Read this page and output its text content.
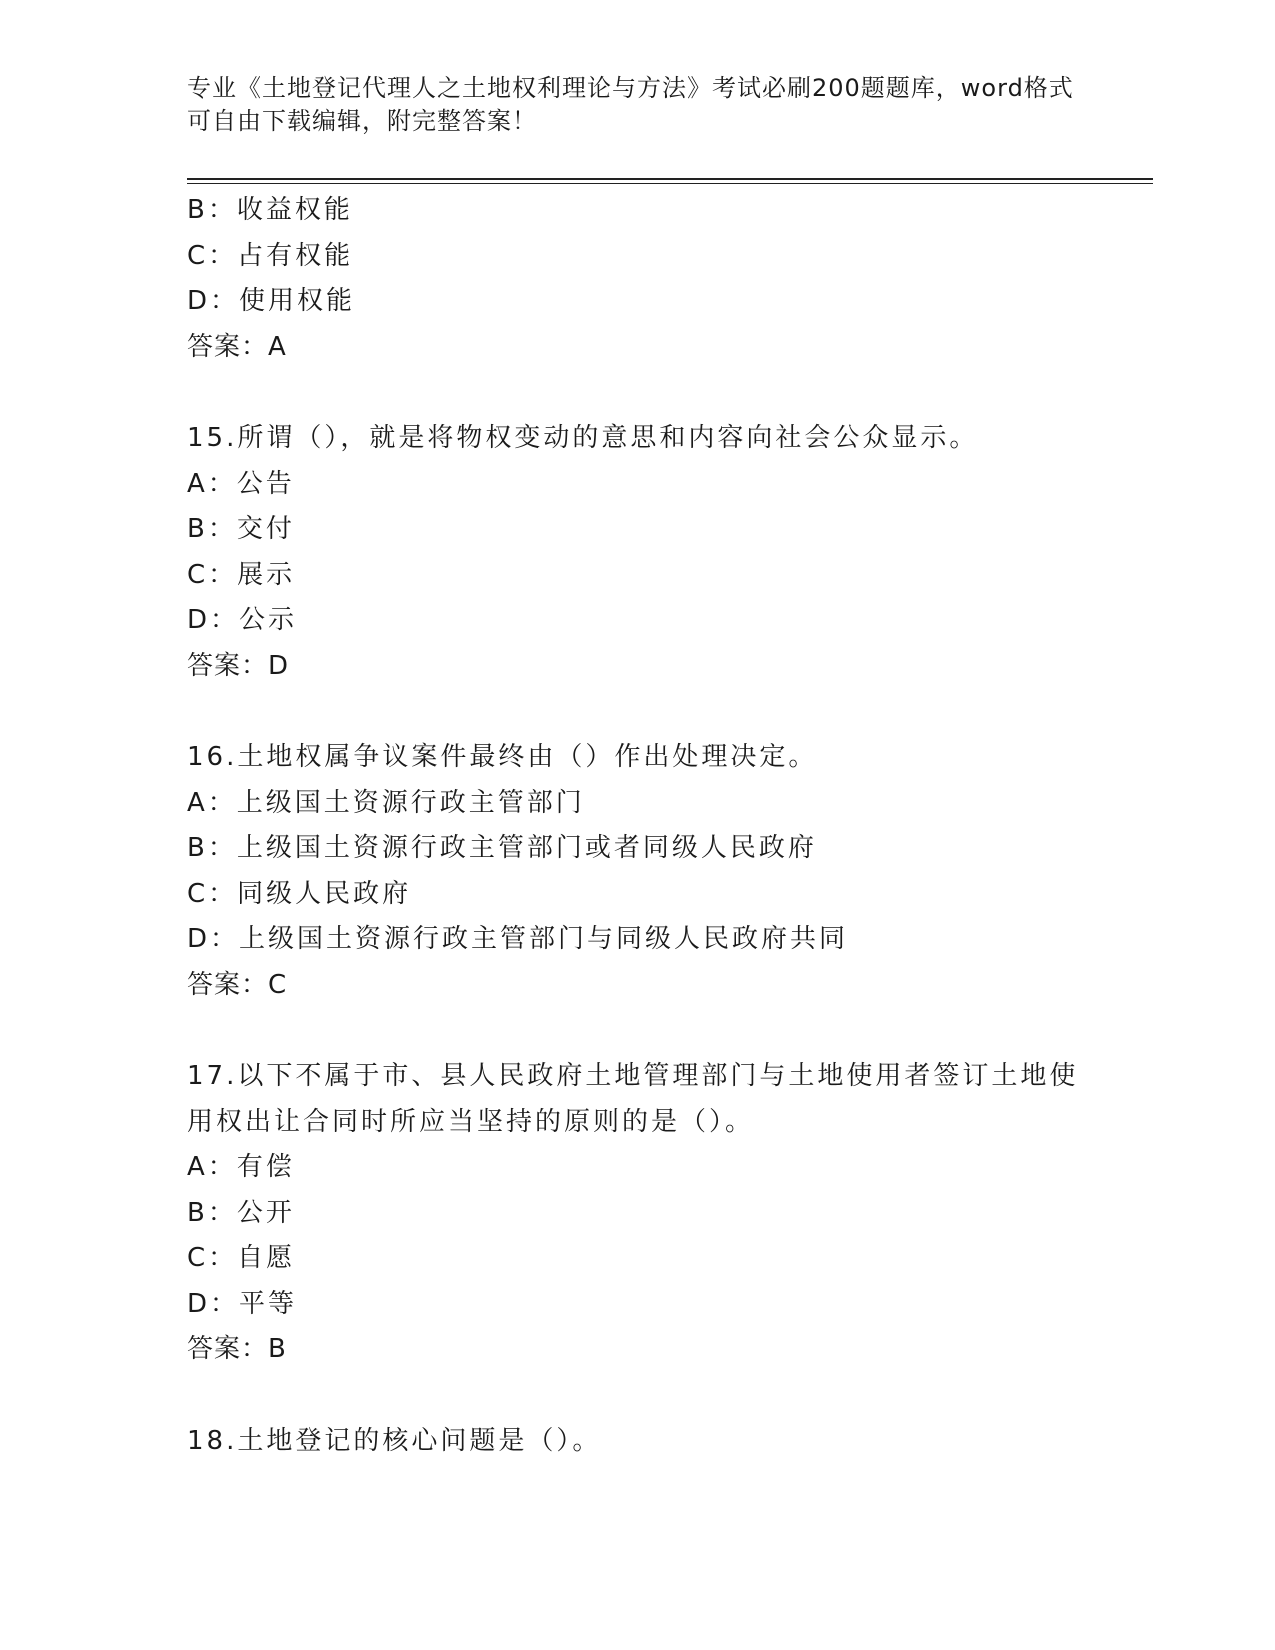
专业《土地登记代理人之土地权利理论与方法》考试必刷200题题库，word格式
可自由下载编辑，附完整答案！
B：收益权能
C：占有权能
D：使用权能
答案：A
15.所谓（），就是将物权变动的意思和内容向社会公众显示。
A：公告
B：交付
C：展示
D：公示
答案：D
16.土地权属争议案件最终由（）作出处理决定。
A：上级国土资源行政主管部门
B：上级国土资源行政主管部门或者同级人民政府
C：同级人民政府
D：上级国土资源行政主管部门与同级人民政府共同
答案：C
17.以下不属于市、县人民政府土地管理部门与土地使用者签订土地使
用权出让合同时所应当坚持的原则的是（）。
A：有偿
B：公开
C：自愿
D：平等
答案：B
18.土地登记的核心问题是（）。
